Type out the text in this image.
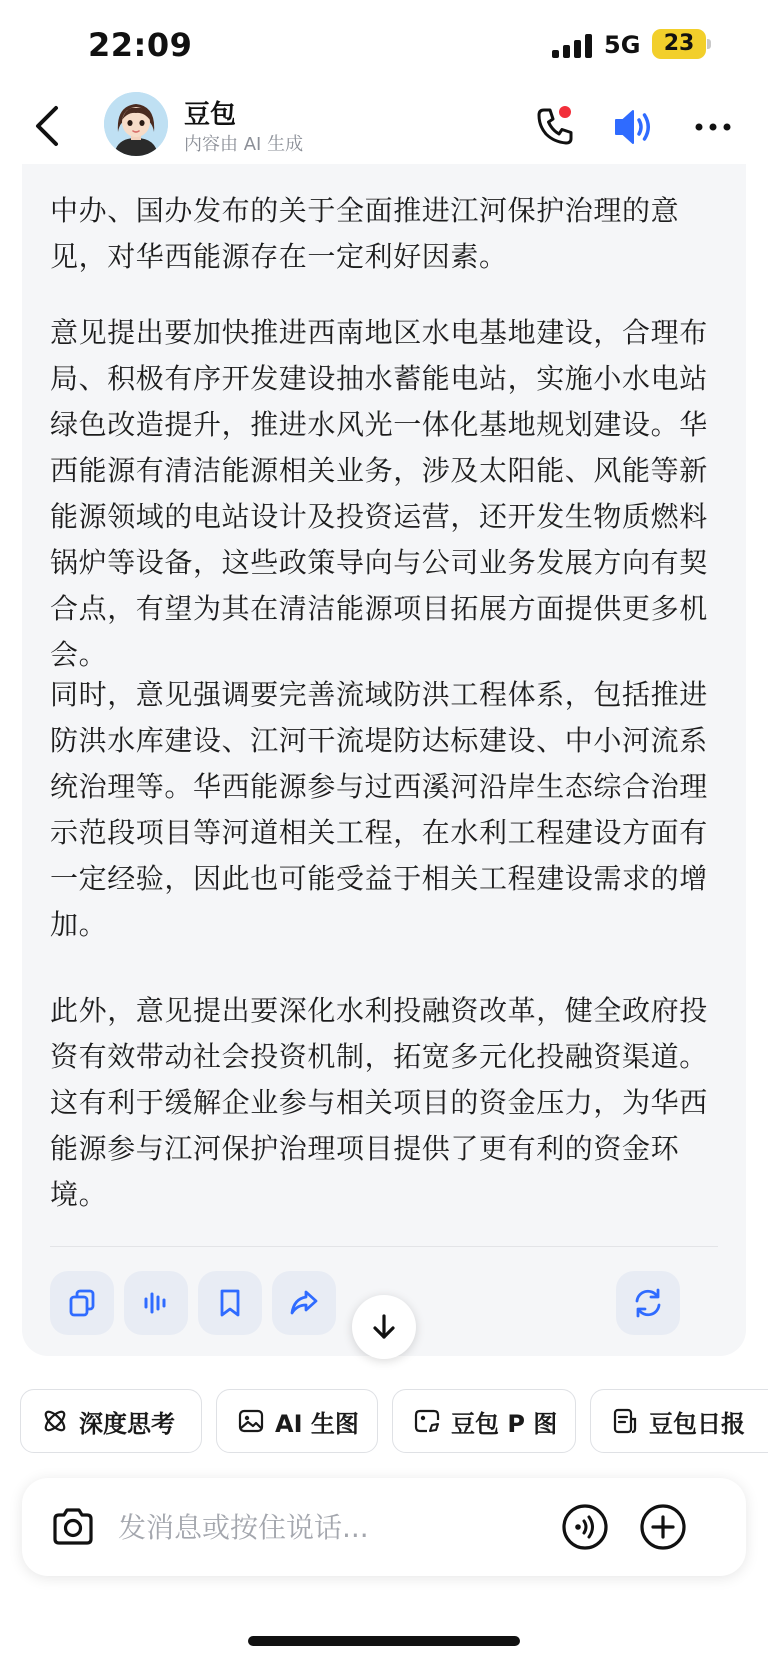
22:09	5G	23
豆包
内容由 AI 生成

中办、国办发布的关于全面推进江河保护治理的意见，对华西能源存在一定利好因素。

意见提出要加快推进西南地区水电基地建设，合理布局、积极有序开发建设抽水蓄能电站，实施小水电站绿色改造提升，推进水风光一体化基地规划建设。华西能源有清洁能源相关业务，涉及太阳能、风能等新能源领域的电站设计及投资运营，还开发生物质燃料锅炉等设备，这些政策导向与公司业务发展方向有契合点，有望为其在清洁能源项目拓展方面提供更多机会。

同时，意见强调要完善流域防洪工程体系，包括推进防洪水库建设、江河干流堤防达标建设、中小河流系统治理等。华西能源参与过西溪河沿岸生态综合治理示范段项目等河道相关工程，在水利工程建设方面有一定经验，因此也可能受益于相关工程建设需求的增加。

此外，意见提出要深化水利投融资改革，健全政府投资有效带动社会投资机制，拓宽多元化投融资渠道。这有利于缓解企业参与相关项目的资金压力，为华西能源参与江河保护治理项目提供了更有利的资金环境。

深度思考	AI 生图	豆包 P 图	豆包日报
发消息或按住说话...
